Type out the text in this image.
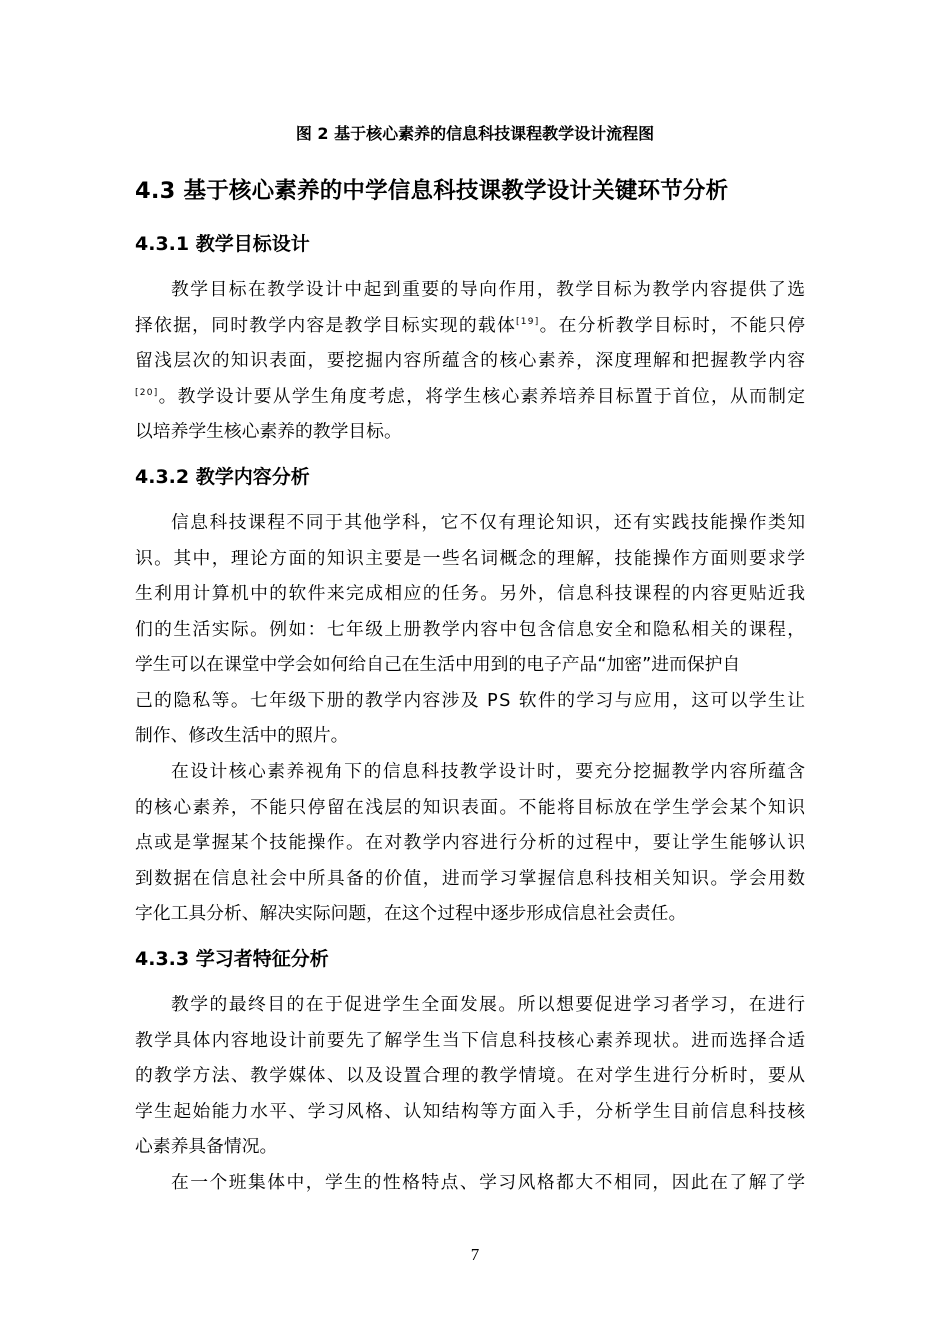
图 2 基于核心素养的信息科技课程教学设计流程图
4.3 基于核心素养的中学信息科技课教学设计关键环节分析
4.3.1 教学目标设计
教学目标在教学设计中起到重要的导向作用，教学目标为教学内容提供了选
择依据，同时教学内容是教学目标实现的载体[19]。在分析教学目标时，不能只停
留浅层次的知识表面，要挖掘内容所蕴含的核心素养，深度理解和把握教学内容
[20]。教学设计要从学生角度考虑，将学生核心素养培养目标置于首位，从而制定
以培养学生核心素养的教学目标。
4.3.2 教学内容分析
信息科技课程不同于其他学科，它不仅有理论知识，还有实践技能操作类知
识。其中，理论方面的知识主要是一些名词概念的理解，技能操作方面则要求学
生利用计算机中的软件来完成相应的任务。另外，信息科技课程的内容更贴近我
们的生活实际。例如：七年级上册教学内容中包含信息安全和隐私相关的课程，
学生可以在课堂中学会如何给自己在生活中用到的电子产品“加密”进而保护自
己的隐私等。七年级下册的教学内容涉及 PS 软件的学习与应用，这可以学生让
制作、修改生活中的照片。
在设计核心素养视角下的信息科技教学设计时，要充分挖掘教学内容所蕴含
的核心素养，不能只停留在浅层的知识表面。不能将目标放在学生学会某个知识
点或是掌握某个技能操作。在对教学内容进行分析的过程中，要让学生能够认识
到数据在信息社会中所具备的价值，进而学习掌握信息科技相关知识。学会用数
字化工具分析、解决实际问题，在这个过程中逐步形成信息社会责任。
4.3.3 学习者特征分析
教学的最终目的在于促进学生全面发展。所以想要促进学习者学习，在进行
教学具体内容地设计前要先了解学生当下信息科技核心素养现状。进而选择合适
的教学方法、教学媒体、以及设置合理的教学情境。在对学生进行分析时，要从
学生起始能力水平、学习风格、认知结构等方面入手，分析学生目前信息科技核
心素养具备情况。
在一个班集体中，学生的性格特点、学习风格都大不相同，因此在了解了学
7
